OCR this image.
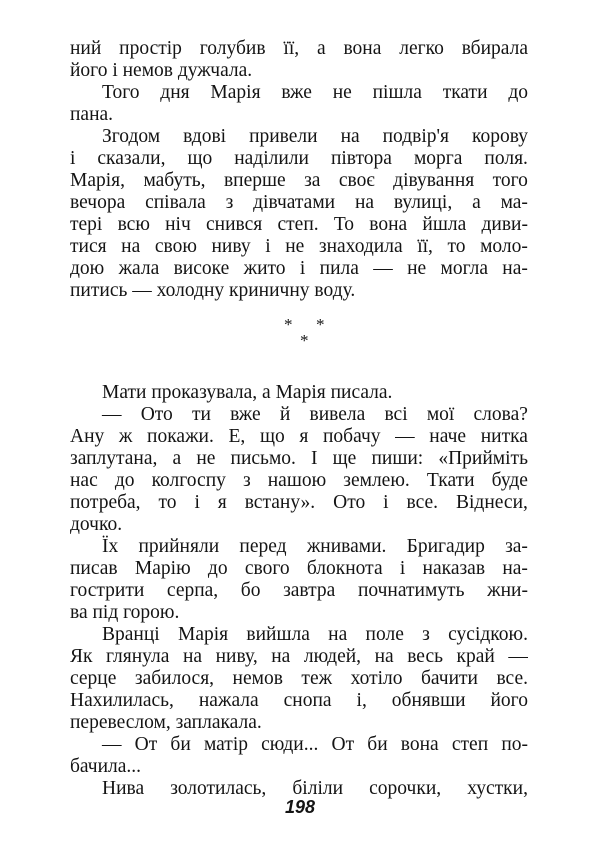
ний простір голубив її, а вона легко вбирала
його і немов дужчала.
Того дня Марія вже не пішла ткати до
пана.
Згодом вдові привели на подвір'я корову
і сказали, що наділили півтора морга поля.
Марія, мабуть, вперше за своє дівування того
вечора співала з дівчатами на вулиці, а ма-
тері всю ніч снився степ. То вона йшла диви-
тися на свою ниву і не знаходила її, то моло-
дою жала високе жито і пила — не могла на-
питись — холодну криничну воду.
* *
*
Мати проказувала, а Марія писала.
— Ото ти вже й вивела всі мої слова?
Ану ж покажи. Е, що я побачу — наче нитка
заплутана, а не письмо. І ще пиши: «Прийміть
нас до колгоспу з нашою землею. Ткати буде
потреба, то і я встану». Ото і все. Віднеси,
дочко.
Їх прийняли перед жнивами. Бригадир за-
писав Марію до свого блокнота і наказав на-
гострити серпа, бо завтра почнатимуть жни-
ва під горою.
Вранці Марія вийшла на поле з сусідкою.
Як глянула на ниву, на людей, на весь край —
серце забилося, немов теж хотіло бачити все.
Нахилилась, нажала снопа і, обнявши його
перевеслом, заплакала.
— От би матір сюди... От би вона степ по-
бачила...
Нива золотилась, біліли сорочки, хустки,
198
